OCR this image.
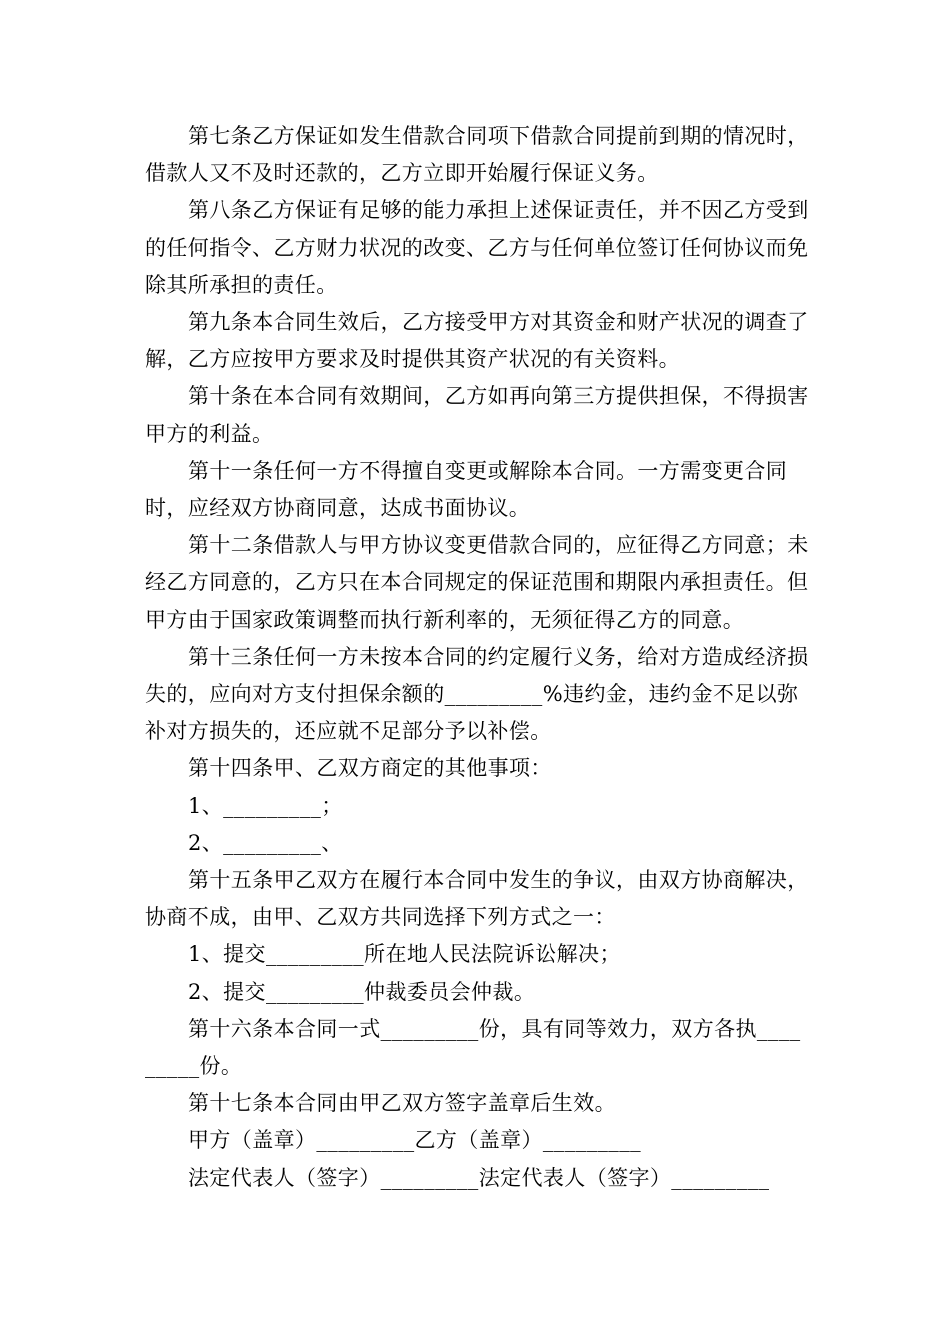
第七条乙方保证如发生借款合同项下借款合同提前到期的情况时，借款人又不及时还款的，乙方立即开始履行保证义务。

第八条乙方保证有足够的能力承担上述保证责任，并不因乙方受到的任何指令、乙方财力状况的改变、乙方与任何单位签订任何协议而免除其所承担的责任。

第九条本合同生效后，乙方接受甲方对其资金和财产状况的调查了解，乙方应按甲方要求及时提供其资产状况的有关资料。

第十条在本合同有效期间，乙方如再向第三方提供担保，不得损害甲方的利益。

第十一条任何一方不得擅自变更或解除本合同。一方需变更合同时，应经双方协商同意，达成书面协议。

第十二条借款人与甲方协议变更借款合同的，应征得乙方同意；未经乙方同意的，乙方只在本合同规定的保证范围和期限内承担责任。但甲方由于国家政策调整而执行新利率的，无须征得乙方的同意。

第十三条任何一方未按本合同的约定履行义务，给对方造成经济损失的，应向对方支付担保余额的_________%违约金，违约金不足以弥补对方损失的，还应就不足部分予以补偿。

第十四条甲、乙双方商定的其他事项：

1、_________；

2、_________、

第十五条甲乙双方在履行本合同中发生的争议，由双方协商解决，协商不成，由甲、乙双方共同选择下列方式之一：

1、提交_________所在地人民法院诉讼解决；

2、提交_________仲裁委员会仲裁。

第十六条本合同一式_________份，具有同等效力，双方各执_________份。

第十七条本合同由甲乙双方签字盖章后生效。

甲方（盖章）_________乙方（盖章）_________

法定代表人（签字）_________法定代表人（签字）_________
